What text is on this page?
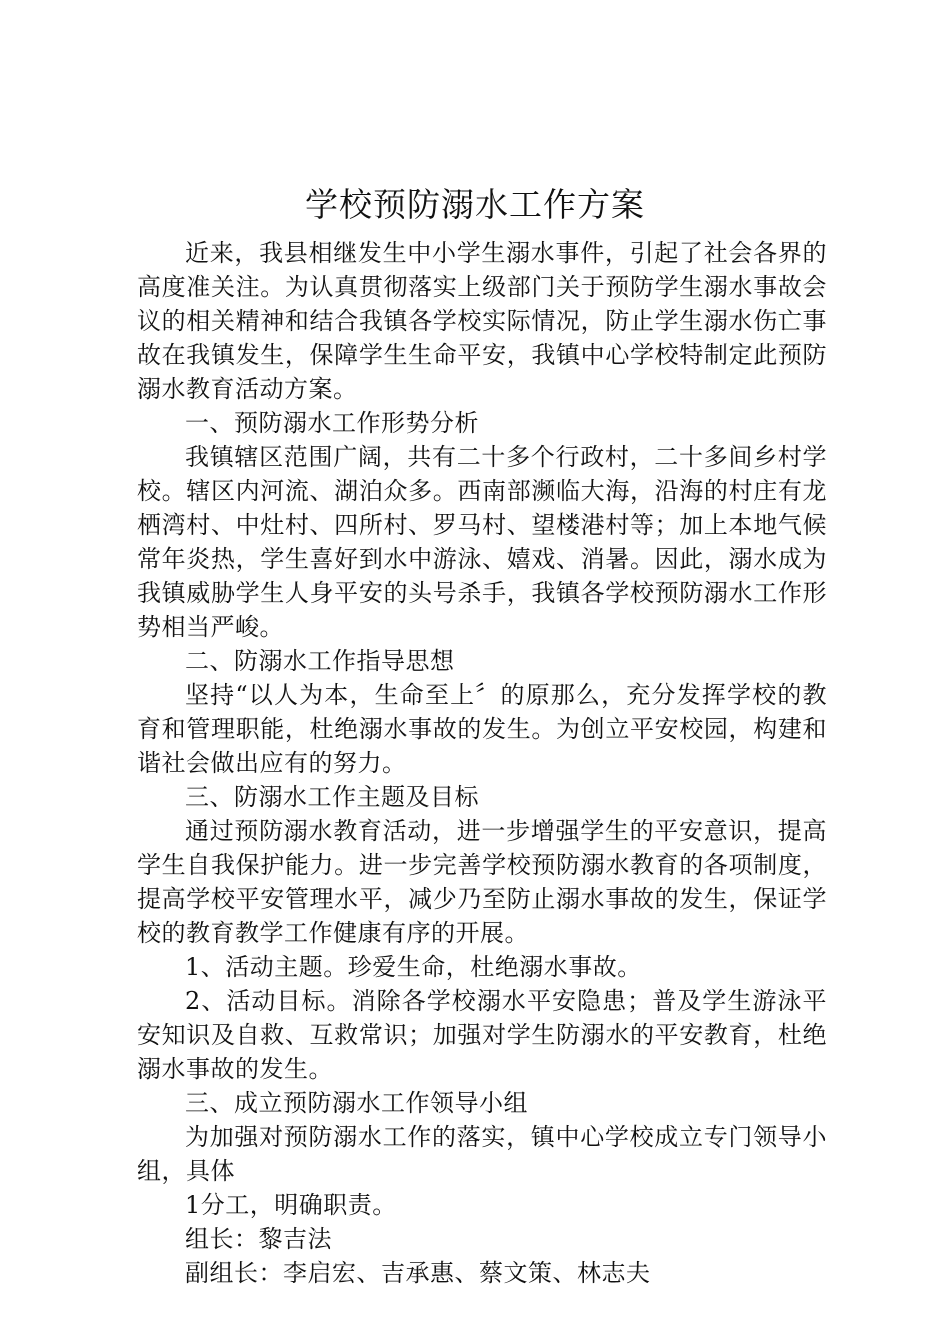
学校预防溺水工作方案

近来，我县相继发生中小学生溺水事件，引起了社会各界的高度准关注。为认真贯彻落实上级部门关于预防学生溺水事故会议的相关精神和结合我镇各学校实际情况，防止学生溺水伤亡事故在我镇发生，保障学生生命平安，我镇中心学校特制定此预防溺水教育活动方案。

一、预防溺水工作形势分析

我镇辖区范围广阔，共有二十多个行政村，二十多间乡村学校。辖区内河流、湖泊众多。西南部濒临大海，沿海的村庄有龙栖湾村、中灶村、四所村、罗马村、望楼港村等；加上本地气候常年炎热，学生喜好到水中游泳、嬉戏、消暑。因此，溺水成为我镇威胁学生人身平安的头号杀手，我镇各学校预防溺水工作形势相当严峻。

二、防溺水工作指导思想

坚持“以人为本，生命至上〞的原那么，充分发挥学校的教育和管理职能，杜绝溺水事故的发生。为创立平安校园，构建和谐社会做出应有的努力。

三、防溺水工作主题及目标

通过预防溺水教育活动，进一步增强学生的平安意识，提高学生自我保护能力。进一步完善学校预防溺水教育的各项制度，提高学校平安管理水平，减少乃至防止溺水事故的发生，保证学校的教育教学工作健康有序的开展。

1、活动主题。珍爱生命，杜绝溺水事故。

2、活动目标。消除各学校溺水平安隐患；普及学生游泳平安知识及自救、互救常识；加强对学生防溺水的平安教育，杜绝溺水事故的发生。

三、成立预防溺水工作领导小组

为加强对预防溺水工作的落实，镇中心学校成立专门领导小组，具体

1分工，明确职责。

组长：黎吉法

副组长：李启宏、吉承惠、蔡文策、林志夫
